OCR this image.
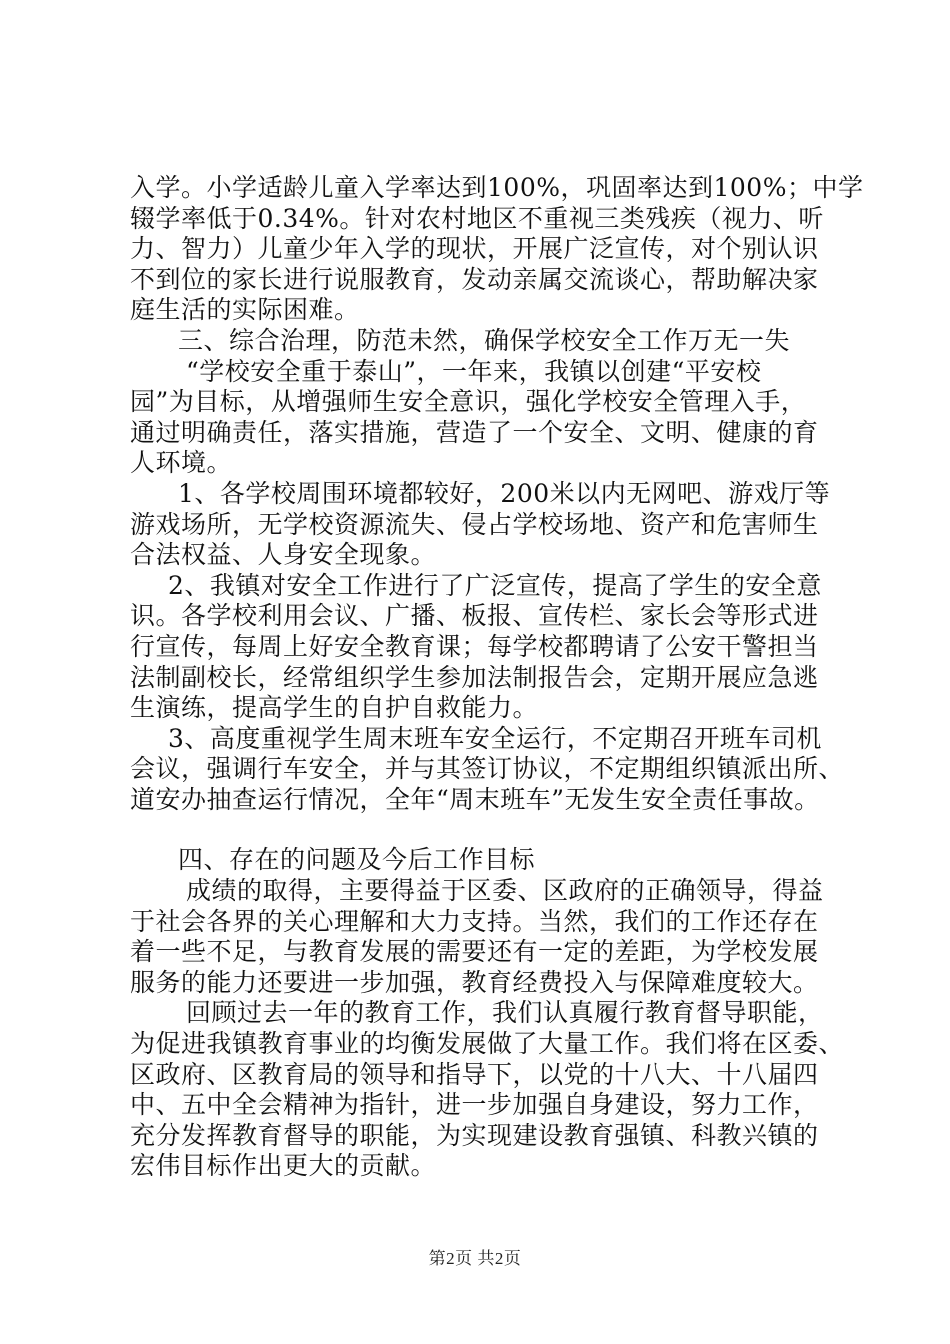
入学。小学适龄儿童入学率达到100%，巩固率达到100%；中学
辍学率低于0.34%。针对农村地区不重视三类残疾（视力、听
力、智力）儿童少年入学的现状，开展广泛宣传，对个别认识
不到位的家长进行说服教育，发动亲属交流谈心，帮助解决家
庭生活的实际困难。
三、综合治理，防范未然，确保学校安全工作万无一失
“学校安全重于泰山”，一年来，我镇以创建“平安校
园”为目标，从增强师生安全意识，强化学校安全管理入手，
通过明确责任，落实措施，营造了一个安全、文明、健康的育
人环境。
1、各学校周围环境都较好，200米以内无网吧、游戏厅等
游戏场所，无学校资源流失、侵占学校场地、资产和危害师生
合法权益、人身安全现象。
2、我镇对安全工作进行了广泛宣传，提高了学生的安全意
识。各学校利用会议、广播、板报、宣传栏、家长会等形式进
行宣传，每周上好安全教育课；每学校都聘请了公安干警担当
法制副校长，经常组织学生参加法制报告会，定期开展应急逃
生演练，提高学生的自护自救能力。
3、高度重视学生周末班车安全运行，不定期召开班车司机
会议，强调行车安全，并与其签订协议，不定期组织镇派出所、
道安办抽查运行情况，全年“周末班车”无发生安全责任事故。
四、存在的问题及今后工作目标
成绩的取得，主要得益于区委、区政府的正确领导，得益
于社会各界的关心理解和大力支持。当然，我们的工作还存在
着一些不足，与教育发展的需要还有一定的差距，为学校发展
服务的能力还要进一步加强，教育经费投入与保障难度较大。
回顾过去一年的教育工作，我们认真履行教育督导职能，
为促进我镇教育事业的均衡发展做了大量工作。我们将在区委、
区政府、区教育局的领导和指导下，以党的十八大、十八届四
中、五中全会精神为指针，进一步加强自身建设，努力工作，
充分发挥教育督导的职能，为实现建设教育强镇、科教兴镇的
宏伟目标作出更大的贡献。
第2页 共2页
